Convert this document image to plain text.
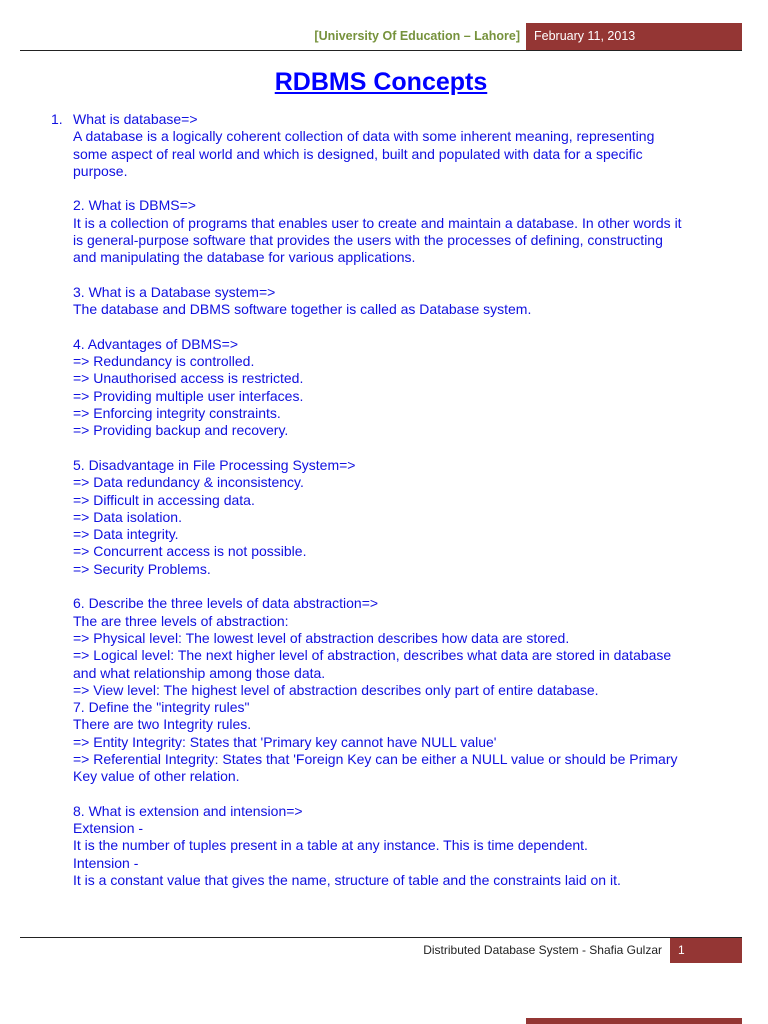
[University Of Education – Lahore]	February 11, 2013
RDBMS Concepts
1. What is database=>
A database is a logically coherent collection of data with some inherent meaning, representing
some aspect of real world and which is designed, built and populated with data for a specific
purpose.
2. What is DBMS=>
It is a collection of programs that enables user to create and maintain a database. In other words it
is general-purpose software that provides the users with the processes of defining, constructing
and manipulating the database for various applications.
3. What is a Database system=>
The database and DBMS software together is called as Database system.
4. Advantages of DBMS=>
=> Redundancy is controlled.
=> Unauthorised access is restricted.
=> Providing multiple user interfaces.
=> Enforcing integrity constraints.
=> Providing backup and recovery.
5. Disadvantage in File Processing System=>
=> Data redundancy & inconsistency.
=> Difficult in accessing data.
=> Data isolation.
=> Data integrity.
=> Concurrent access is not possible.
=> Security Problems.
6. Describe the three levels of data abstraction=>
The are three levels of abstraction:
=> Physical level: The lowest level of abstraction describes how data are stored.
=> Logical level: The next higher level of abstraction, describes what data are stored in database
and what relationship among those data.
=> View level: The highest level of abstraction describes only part of entire database.
7. Define the "integrity rules"
There are two Integrity rules.
=> Entity Integrity: States that 'Primary key cannot have NULL value'
=> Referential Integrity: States that 'Foreign Key can be either a NULL value or should be Primary
Key value of other relation.
8. What is extension and intension=>
Extension -
It is the number of tuples present in a table at any instance. This is time dependent.
Intension -
It is a constant value that gives the name, structure of table and the constraints laid on it.
Distributed Database System - Shafia Gulzar	1
